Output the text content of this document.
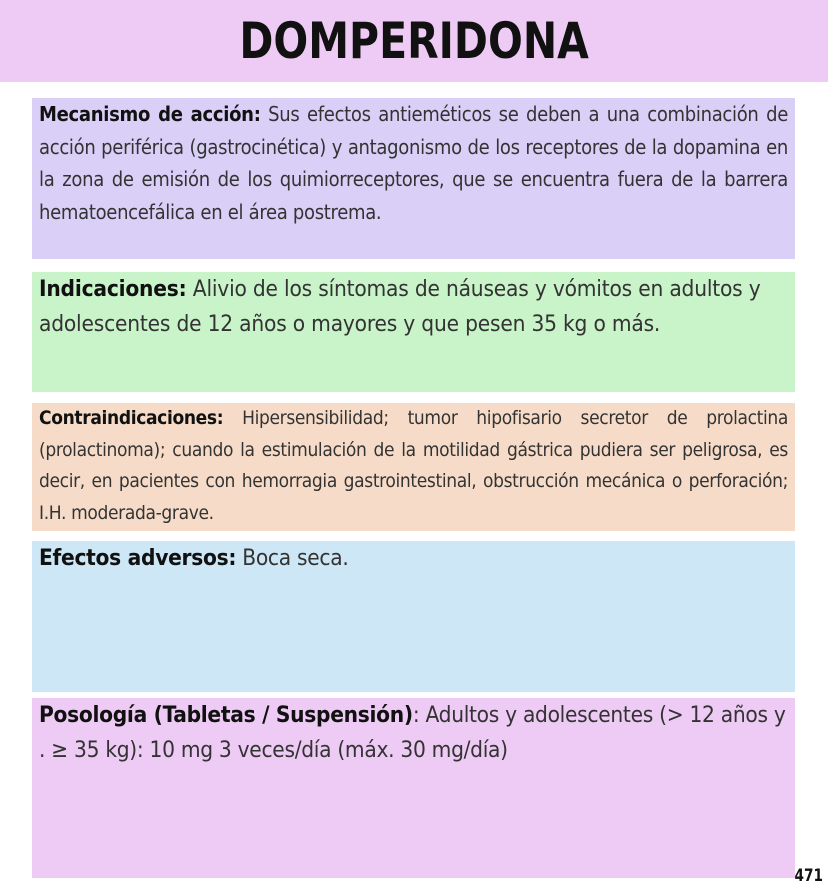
DOMPERIDONA
Mecanismo de acción: Sus efectos antieméticos se deben a una combinación de acción periférica (gastrocinética) y antagonismo de los receptores de la dopamina en la zona de emisión de los quimiorreceptores, que se encuentra fuera de la barrera hematoencefálica en el área postrema.
Indicaciones: Alivio de los síntomas de náuseas y vómitos en adultos y adolescentes de 12 años o mayores y que pesen 35 kg o más.
Contraindicaciones: Hipersensibilidad; tumor hipofisario secretor de prolactina (prolactinoma); cuando la estimulación de la motilidad gástrica pudiera ser peligrosa, es decir, en pacientes con hemorragia gastrointestinal, obstrucción mecánica o perforación; I.H. moderada-grave.
Efectos adversos: Boca seca.
Posología (Tabletas / Suspensión): Adultos y adolescentes (> 12 años y . ≥ 35 kg): 10 mg 3 veces/día (máx. 30 mg/día)
471
